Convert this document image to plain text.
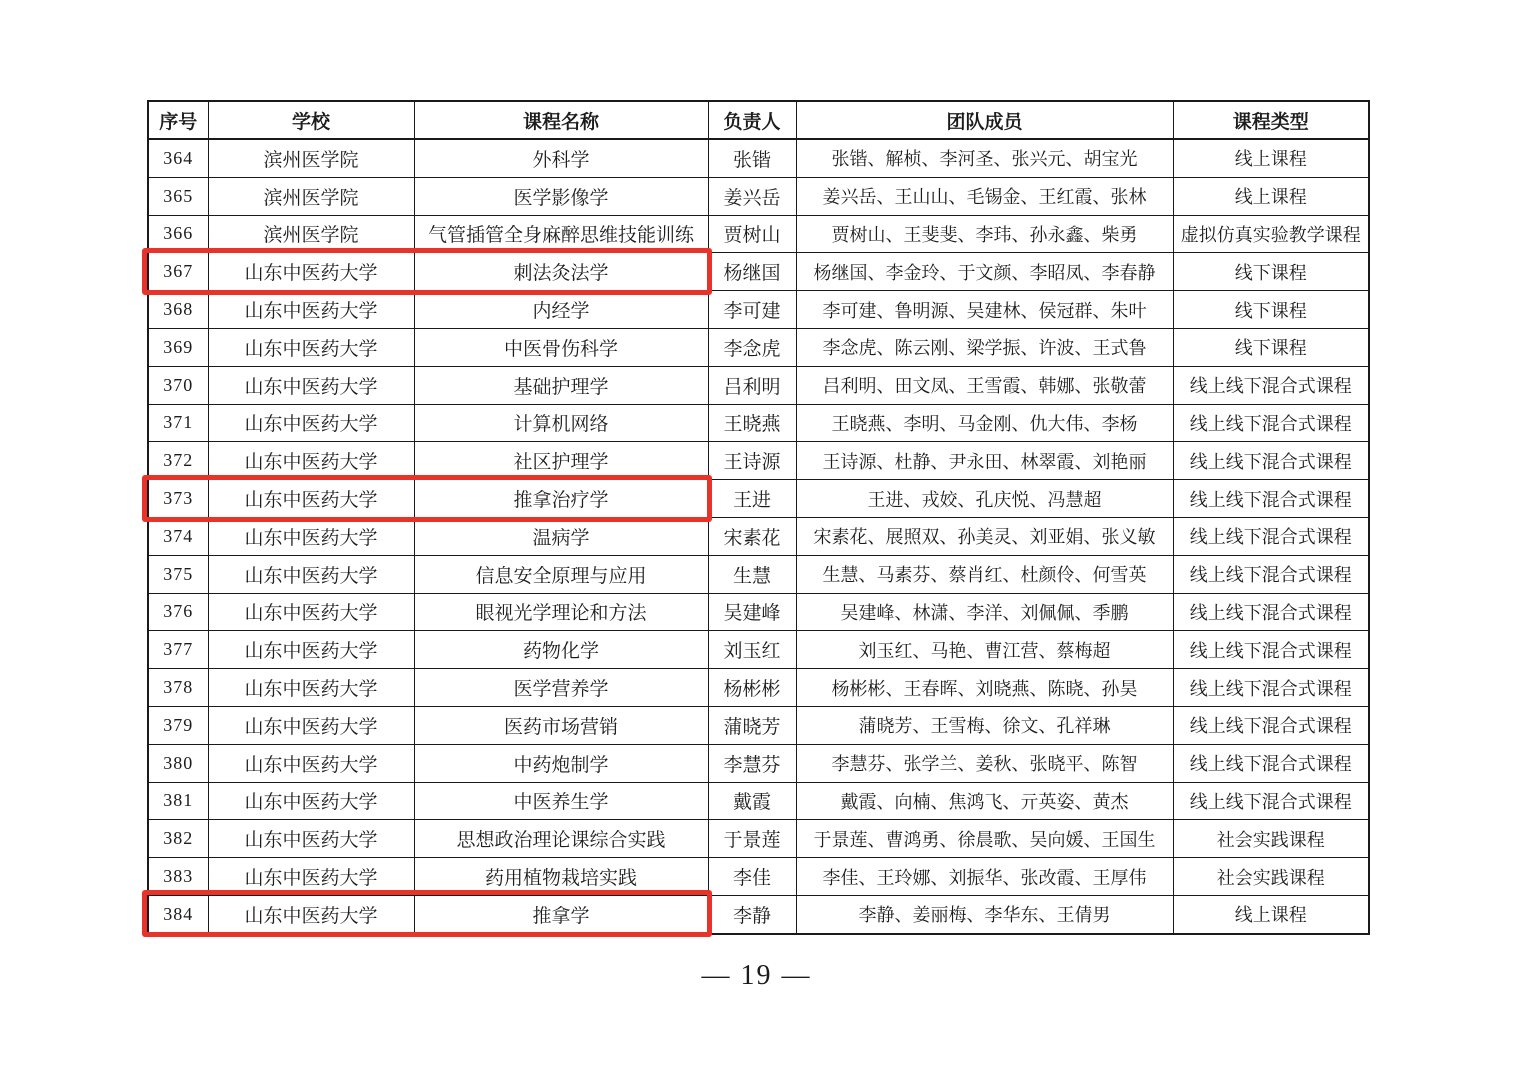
序号	学校	课程名称	负责人	团队成员	课程类型
364	滨州医学院	外科学	张锴	张锴、解桢、李河圣、张兴元、胡宝光	线上课程
365	滨州医学院	医学影像学	姜兴岳	姜兴岳、王山山、毛锡金、王红霞、张林	线上课程
366	滨州医学院	气管插管全身麻醉思维技能训练	贾树山	贾树山、王斐斐、李玮、孙永鑫、柴勇	虚拟仿真实验教学课程
367	山东中医药大学	刺法灸法学	杨继国	杨继国、李金玲、于文颜、李昭凤、李春静	线下课程
368	山东中医药大学	内经学	李可建	李可建、鲁明源、吴建林、侯冠群、朱叶	线下课程
369	山东中医药大学	中医骨伤科学	李念虎	李念虎、陈云刚、梁学振、许波、王式鲁	线下课程
370	山东中医药大学	基础护理学	吕利明	吕利明、田文凤、王雪霞、韩娜、张敬蕾	线上线下混合式课程
371	山东中医药大学	计算机网络	王晓燕	王晓燕、李明、马金刚、仇大伟、李杨	线上线下混合式课程
372	山东中医药大学	社区护理学	王诗源	王诗源、杜静、尹永田、林翠霞、刘艳丽	线上线下混合式课程
373	山东中医药大学	推拿治疗学	王进	王进、戎姣、孔庆悦、冯慧超	线上线下混合式课程
374	山东中医药大学	温病学	宋素花	宋素花、展照双、孙美灵、刘亚娟、张义敏	线上线下混合式课程
375	山东中医药大学	信息安全原理与应用	生慧	生慧、马素芬、蔡肖红、杜颜伶、何雪英	线上线下混合式课程
376	山东中医药大学	眼视光学理论和方法	吴建峰	吴建峰、林潇、李洋、刘佩佩、季鹏	线上线下混合式课程
377	山东中医药大学	药物化学	刘玉红	刘玉红、马艳、曹江营、蔡梅超	线上线下混合式课程
378	山东中医药大学	医学营养学	杨彬彬	杨彬彬、王春晖、刘晓燕、陈晓、孙昊	线上线下混合式课程
379	山东中医药大学	医药市场营销	蒲晓芳	蒲晓芳、王雪梅、徐文、孔祥琳	线上线下混合式课程
380	山东中医药大学	中药炮制学	李慧芬	李慧芬、张学兰、姜秋、张晓平、陈智	线上线下混合式课程
381	山东中医药大学	中医养生学	戴霞	戴霞、向楠、焦鸿飞、亓英姿、黄杰	线上线下混合式课程
382	山东中医药大学	思想政治理论课综合实践	于景莲	于景莲、曹鸿勇、徐晨歌、吴向媛、王国生	社会实践课程
383	山东中医药大学	药用植物栽培实践	李佳	李佳、王玲娜、刘振华、张改霞、王厚伟	社会实践课程
384	山东中医药大学	推拿学	李静	李静、姜丽梅、李华东、王倩男	线上课程
— 19 —
